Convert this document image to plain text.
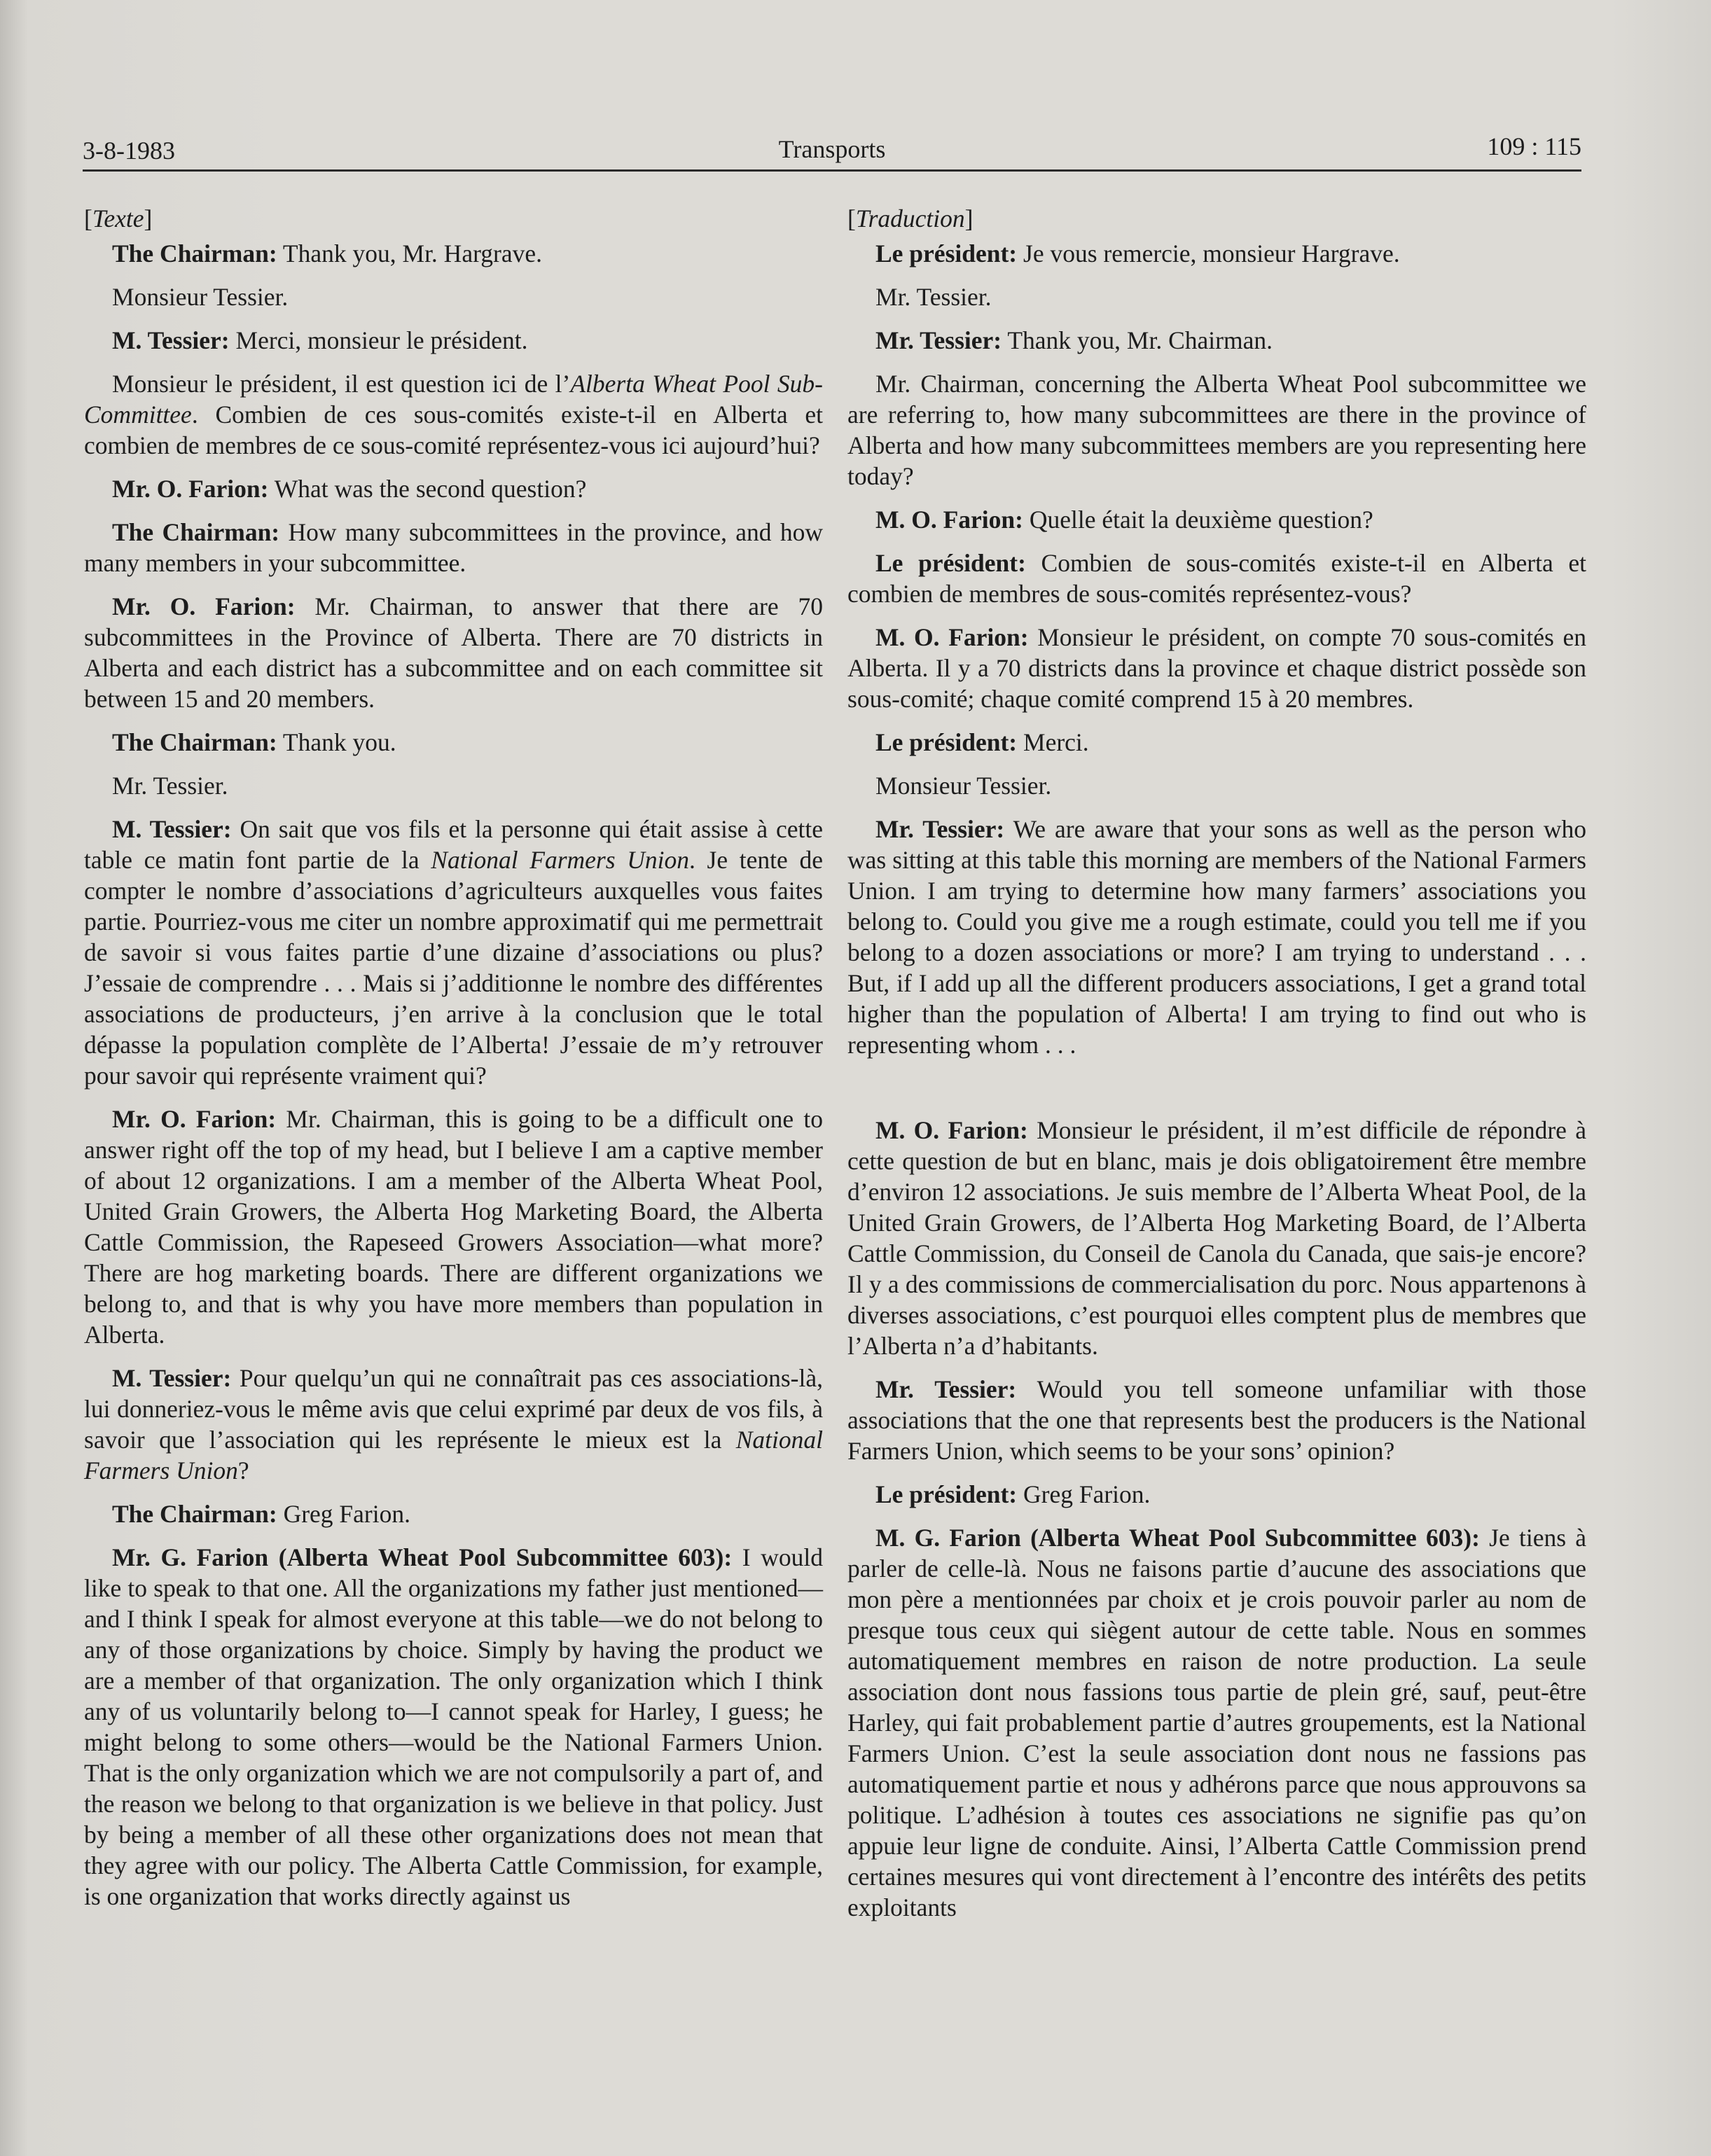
3-8-1983	Transports	109 : 115
[Texte]

The Chairman: Thank you, Mr. Hargrave.

Monsieur Tessier.

M. Tessier: Merci, monsieur le président.

Monsieur le président, il est question ici de l’Alberta Wheat Pool Sub-Committee. Combien de ces sous-comités existe-t-il en Alberta et combien de membres de ce sous-comité représentez-vous ici aujourd’hui?

Mr. O. Farion: What was the second question?

The Chairman: How many subcommittees in the province, and how many members in your subcommittee.

Mr. O. Farion: Mr. Chairman, to answer that there are 70 subcommittees in the Province of Alberta. There are 70 districts in Alberta and each district has a subcommittee and on each committee sit between 15 and 20 members.

The Chairman: Thank you.

Mr. Tessier.

M. Tessier: On sait que vos fils et la personne qui était assise à cette table ce matin font partie de la National Farmers Union. Je tente de compter le nombre d’associations d’agriculteurs auxquelles vous faites partie. Pourriez-vous me citer un nombre approximatif qui me permettrait de savoir si vous faites partie d’une dizaine d’associations ou plus? J’essaie de comprendre . . . Mais si j’additionne le nombre des différentes associations de producteurs, j’en arrive à la conclusion que le total dépasse la population complète de l’Alberta! J’essaie de m’y retrouver pour savoir qui représente vraiment qui?

Mr. O. Farion: Mr. Chairman, this is going to be a difficult one to answer right off the top of my head, but I believe I am a captive member of about 12 organizations. I am a member of the Alberta Wheat Pool, United Grain Growers, the Alberta Hog Marketing Board, the Alberta Cattle Commission, the Rapeseed Growers Association—what more? There are hog marketing boards. There are different organizations we belong to, and that is why you have more members than population in Alberta.

M. Tessier: Pour quelqu’un qui ne connaîtrait pas ces associations-là, lui donneriez-vous le même avis que celui exprimé par deux de vos fils, à savoir que l’association qui les représente le mieux est la National Farmers Union?

The Chairman: Greg Farion.

Mr. G. Farion (Alberta Wheat Pool Subcommittee 603): I would like to speak to that one. All the organizations my father just mentioned—and I think I speak for almost everyone at this table—we do not belong to any of those organizations by choice. Simply by having the product we are a member of that organization. The only organization which I think any of us voluntarily belong to—I cannot speak for Harley, I guess; he might belong to some others—would be the National Farmers Union. That is the only organization which we are not compulsorily a part of, and the reason we belong to that organization is we believe in that policy. Just by being a member of all these other organizations does not mean that they agree with our policy. The Alberta Cattle Commission, for example, is one organization that works directly against us

[Traduction]

Le président: Je vous remercie, monsieur Hargrave.

Mr. Tessier.

Mr. Tessier: Thank you, Mr. Chairman.

Mr. Chairman, concerning the Alberta Wheat Pool subcommittee we are referring to, how many subcommittees are there in the province of Alberta and how many subcommittees members are you representing here today?

M. O. Farion: Quelle était la deuxième question?

Le président: Combien de sous-comités existe-t-il en Alberta et combien de membres de sous-comités représentez-vous?

M. O. Farion: Monsieur le président, on compte 70 sous-comités en Alberta. Il y a 70 districts dans la province et chaque district possède son sous-comité; chaque comité comprend 15 à 20 membres.

Le président: Merci.

Monsieur Tessier.

Mr. Tessier: We are aware that your sons as well as the person who was sitting at this table this morning are members of the National Farmers Union. I am trying to determine how many farmers’ associations you belong to. Could you give me a rough estimate, could you tell me if you belong to a dozen associations or more? I am trying to understand . . . But, if I add up all the different producers associations, I get a grand total higher than the population of Alberta! I am trying to find out who is representing whom . . .

M. O. Farion: Monsieur le président, il m’est difficile de répondre à cette question de but en blanc, mais je dois obligatoirement être membre d’environ 12 associations. Je suis membre de l’Alberta Wheat Pool, de la United Grain Growers, de l’Alberta Hog Marketing Board, de l’Alberta Cattle Commission, du Conseil de Canola du Canada, que sais-je encore? Il y a des commissions de commercialisation du porc. Nous appartenons à diverses associations, c’est pourquoi elles comptent plus de membres que l’Alberta n’a d’habitants.

Mr. Tessier: Would you tell someone unfamiliar with those associations that the one that represents best the producers is the National Farmers Union, which seems to be your sons’ opinion?

Le président: Greg Farion.

M. G. Farion (Alberta Wheat Pool Subcommittee 603): Je tiens à parler de celle-là. Nous ne faisons partie d’aucune des associations que mon père a mentionnées par choix et je crois pouvoir parler au nom de presque tous ceux qui siègent autour de cette table. Nous en sommes automatiquement membres en raison de notre production. La seule association dont nous fassions tous partie de plein gré, sauf, peut-être Harley, qui fait probablement partie d’autres groupements, est la National Farmers Union. C’est la seule association dont nous ne fassions pas automatiquement partie et nous y adhérons parce que nous approuvons sa politique. L’adhésion à toutes ces associations ne signifie pas qu’on appuie leur ligne de conduite. Ainsi, l’Alberta Cattle Commission prend certaines mesures qui vont directement à l’encontre des intérêts des petits exploitants
